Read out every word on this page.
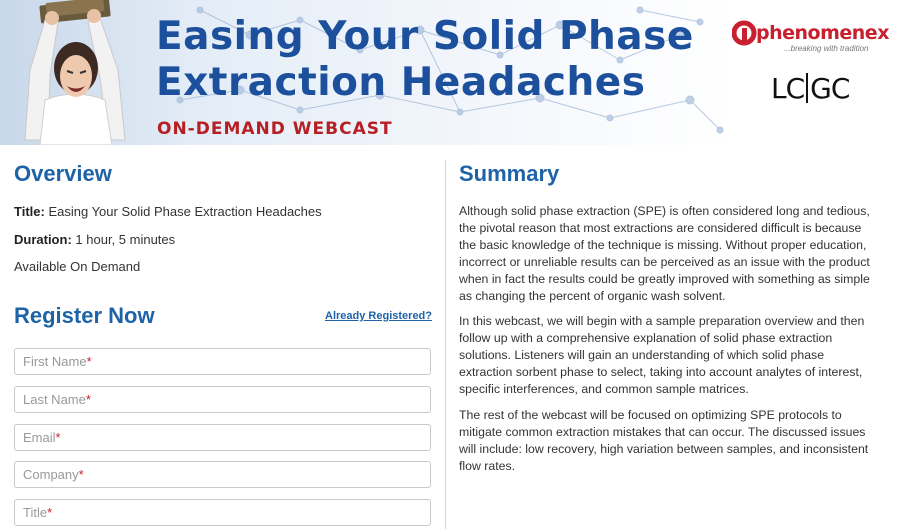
Easing Your Solid Phase
Extraction Headaches
ON-DEMAND WEBCAST
phenomenex
...breaking with tradition
LC GC
Overview
Title: Easing Your Solid Phase Extraction Headaches
Duration: 1 hour, 5 minutes
Available On Demand
Register Now	Already Registered?
First Name*
Last Name*
Email*
Company*
Title*
Summary

Although solid phase extraction (SPE) is often considered long and tedious, the pivotal reason that most extractions are considered difficult is because the basic knowledge of the technique is missing. Without proper education, incorrect or unreliable results can be perceived as an issue with the product when in fact the results could be greatly improved with something as simple as changing the percent of organic wash solvent.

In this webcast, we will begin with a sample preparation overview and then follow up with a comprehensive explanation of solid phase extraction solutions. Listeners will gain an understanding of which solid phase extraction sorbent phase to select, taking into account analytes of interest, specific interferences, and common sample matrices.

The rest of the webcast will be focused on optimizing SPE protocols to mitigate common extraction mistakes that can occur. The discussed issues will include: low recovery, high variation between samples, and inconsistent flow rates.
